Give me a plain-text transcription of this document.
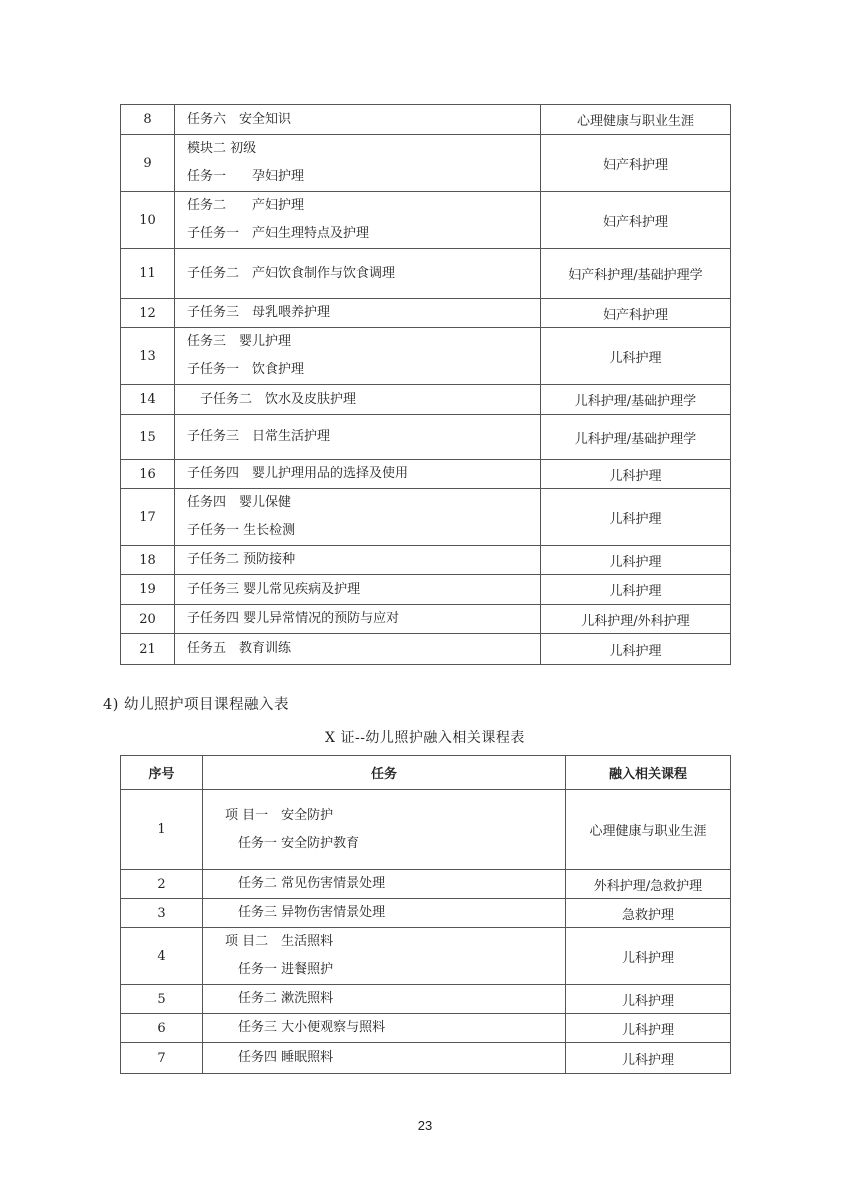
8	任务六　安全知识	心理健康与职业生涯
9	模块二 初级
任务一　　孕妇护理	妇产科护理
10	任务二　　产妇护理
子任务一　产妇生理特点及护理	妇产科护理
11	子任务二　产妇饮食制作与饮食调理	妇产科护理/基础护理学
12	子任务三　母乳喂养护理	妇产科护理
13	任务三　婴儿护理
子任务一　饮食护理	儿科护理
14	　子任务二　饮水及皮肤护理	儿科护理/基础护理学
15	子任务三　日常生活护理	儿科护理/基础护理学
16	子任务四　婴儿护理用品的选择及使用	儿科护理
17	任务四　婴儿保健
子任务一 生长检测	儿科护理
18	子任务二 预防接种	儿科护理
19	子任务三 婴儿常见疾病及护理	儿科护理
20	子任务四 婴儿异常情况的预防与应对	儿科护理/外科护理
21	任务五　教育训练	儿科护理
4) 幼儿照护项目课程融入表
X 证--幼儿照护融入相关课程表
序号	任务	融入相关课程
1	项 目一　安全防护
　任务一 安全防护教育	心理健康与职业生涯
2	　任务二 常见伤害情景处理	外科护理/急救护理
3	　任务三 异物伤害情景处理	急救护理
4	项 目二　生活照料
　任务一 进餐照护	儿科护理
5	　任务二 漱洗照料	儿科护理
6	　任务三 大小便观察与照料	儿科护理
7	　任务四 睡眠照料	儿科护理
23
